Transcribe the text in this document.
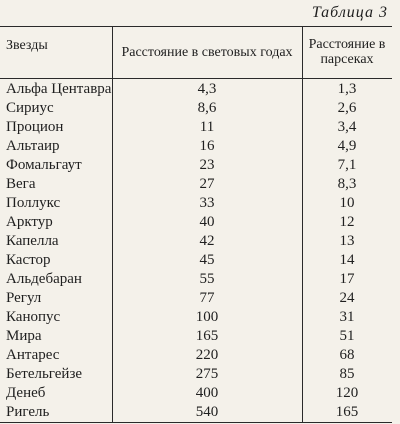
Таблица 3
Звезды	Расстояние в световых годах	Расстояние в парсеках
Альфа Центавра	4,3	1,3
Сириус	8,6	2,6
Процион	11	3,4
Альтаир	16	4,9
Фомальгаут	23	7,1
Вега	27	8,3
Поллукс	33	10
Арктур	40	12
Капелла	42	13
Кастор	45	14
Альдебаран	55	17
Регул	77	24
Канопус	100	31
Мира	165	51
Антарес	220	68
Бетельгейзе	275	85
Денеб	400	120
Ригель	540	165
